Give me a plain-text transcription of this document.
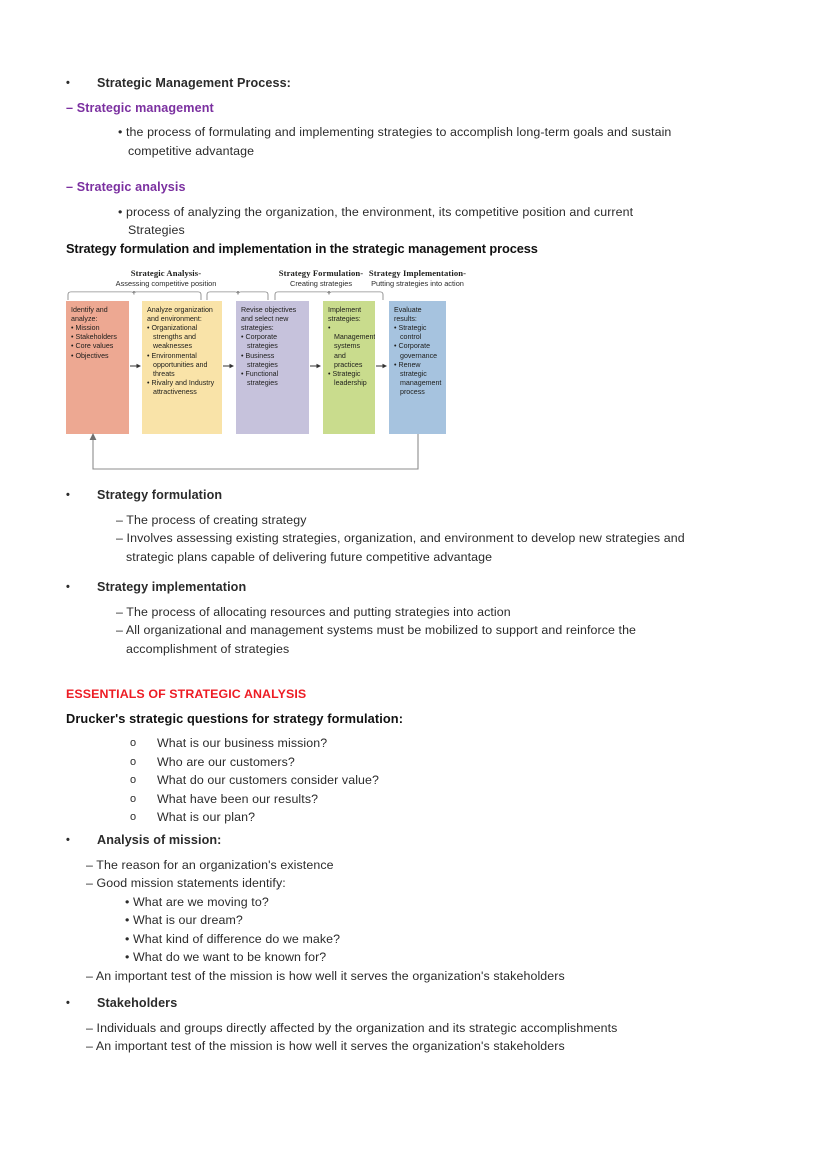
• Strategic Management Process:
– Strategic management
• the process of formulating and implementing strategies to accomplish long-term goals and sustain
competitive advantage
– Strategic analysis
• process of analyzing the organization, the environment, its competitive position and current
Strategies
Strategy formulation and implementation in the strategic management process
Strategic Analysis-
Assessing competitive position
Strategy Formulation-
Creating strategies
Strategy Implementation-
Putting strategies into action
Identify and analyze:
• Mission
• Stakeholders
• Core values
• Objectives
Analyze organization and environment:
• Organizational strengths and weaknesses
• Environmental opportunities and threats
• Rivalry and Industry attractiveness
Revise objectives and select new strategies:
• Corporate strategies
• Business strategies
• Functional strategies
Implement strategies:
• Management systems and practices
• Strategic leadership
Evaluate results:
• Strategic control
• Corporate governance
• Renew strategic management process
• Strategy formulation
– The process of creating strategy
– Involves assessing existing strategies, organization, and environment to develop new strategies and
strategic plans capable of delivering future competitive advantage
• Strategy implementation
– The process of allocating resources and putting strategies into action
– All organizational and management systems must be mobilized to support and reinforce the
accomplishment of strategies
ESSENTIALS OF STRATEGIC ANALYSIS
Drucker's strategic questions for strategy formulation:
o What is our business mission?
o Who are our customers?
o What do our customers consider value?
o What have been our results?
o What is our plan?
• Analysis of mission:
– The reason for an organization's existence
– Good mission statements identify:
• What are we moving to?
• What is our dream?
• What kind of difference do we make?
• What do we want to be known for?
– An important test of the mission is how well it serves the organization's stakeholders
• Stakeholders
– Individuals and groups directly affected by the organization and its strategic accomplishments
– An important test of the mission is how well it serves the organization's stakeholders
